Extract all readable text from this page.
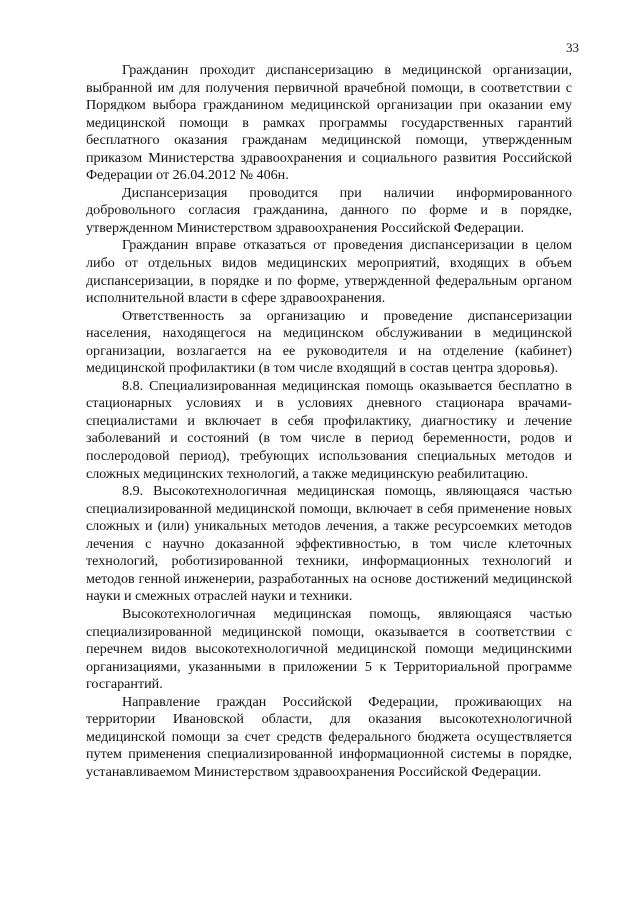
33

Гражданин проходит диспансеризацию в медицинской организации, выбранной им для получения первичной врачебной помощи, в соответствии с Порядком выбора гражданином медицинской организации при оказании ему медицинской помощи в рамках программы государственных гарантий бесплатного оказания гражданам медицинской помощи, утвержденным приказом Министерства здравоохранения и социального развития Российской Федерации от 26.04.2012 № 406н.

Диспансеризация проводится при наличии информированного добровольного согласия гражданина, данного по форме и в порядке, утвержденном Министерством здравоохранения Российской Федерации.

Гражданин вправе отказаться от проведения диспансеризации в целом либо от отдельных видов медицинских мероприятий, входящих в объем диспансеризации, в порядке и по форме, утвержденной федеральным органом исполнительной власти в сфере здравоохранения.

Ответственность за организацию и проведение диспансеризации населения, находящегося на медицинском обслуживании в медицинской организации, возлагается на ее руководителя и на отделение (кабинет) медицинской профилактики (в том числе входящий в состав центра здоровья).

8.8. Специализированная медицинская помощь оказывается бесплатно в стационарных условиях и в условиях дневного стационара врачами-специалистами и включает в себя профилактику, диагностику и лечение заболеваний и состояний (в том числе в период беременности, родов и послеродовой период), требующих использования специальных методов и сложных медицинских технологий, а также медицинскую реабилитацию.

8.9. Высокотехнологичная медицинская помощь, являющаяся частью специализированной медицинской помощи, включает в себя применение новых сложных и (или) уникальных методов лечения, а также ресурсоемких методов лечения с научно доказанной эффективностью, в том числе клеточных технологий, роботизированной техники, информационных технологий и методов генной инженерии, разработанных на основе достижений медицинской науки и смежных отраслей науки и техники.

Высокотехнологичная медицинская помощь, являющаяся частью специализированной медицинской помощи, оказывается в соответствии с перечнем видов высокотехнологичной медицинской помощи медицинскими организациями, указанными в приложении 5 к Территориальной программе госгарантий.

Направление граждан Российской Федерации, проживающих на территории Ивановской области, для оказания высокотехнологичной медицинской помощи за счет средств федерального бюджета осуществляется путем применения специализированной информационной системы в порядке, устанавливаемом Министерством здравоохранения Российской Федерации.
